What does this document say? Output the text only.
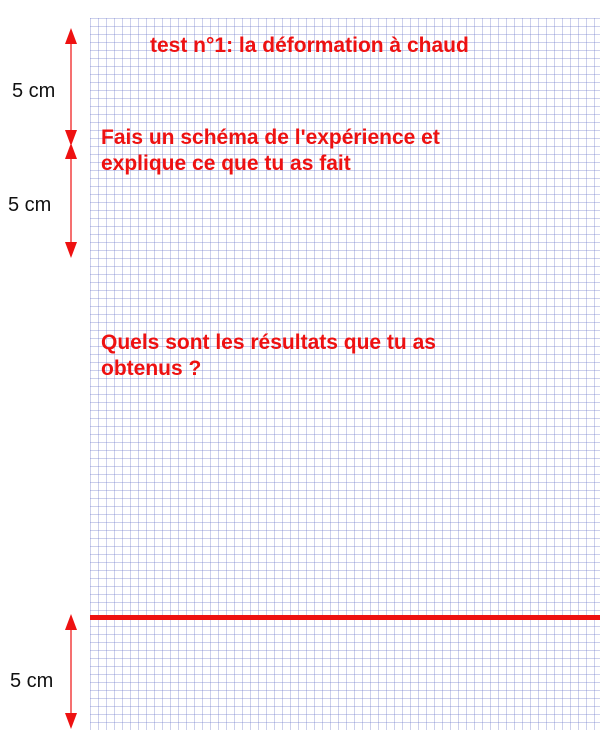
test n°1: la déformation à chaud

Fais un schéma de l'expérience et
explique ce que tu as fait

Quels sont les résultats que tu as
obtenus ?

5 cm
5 cm
5 cm
